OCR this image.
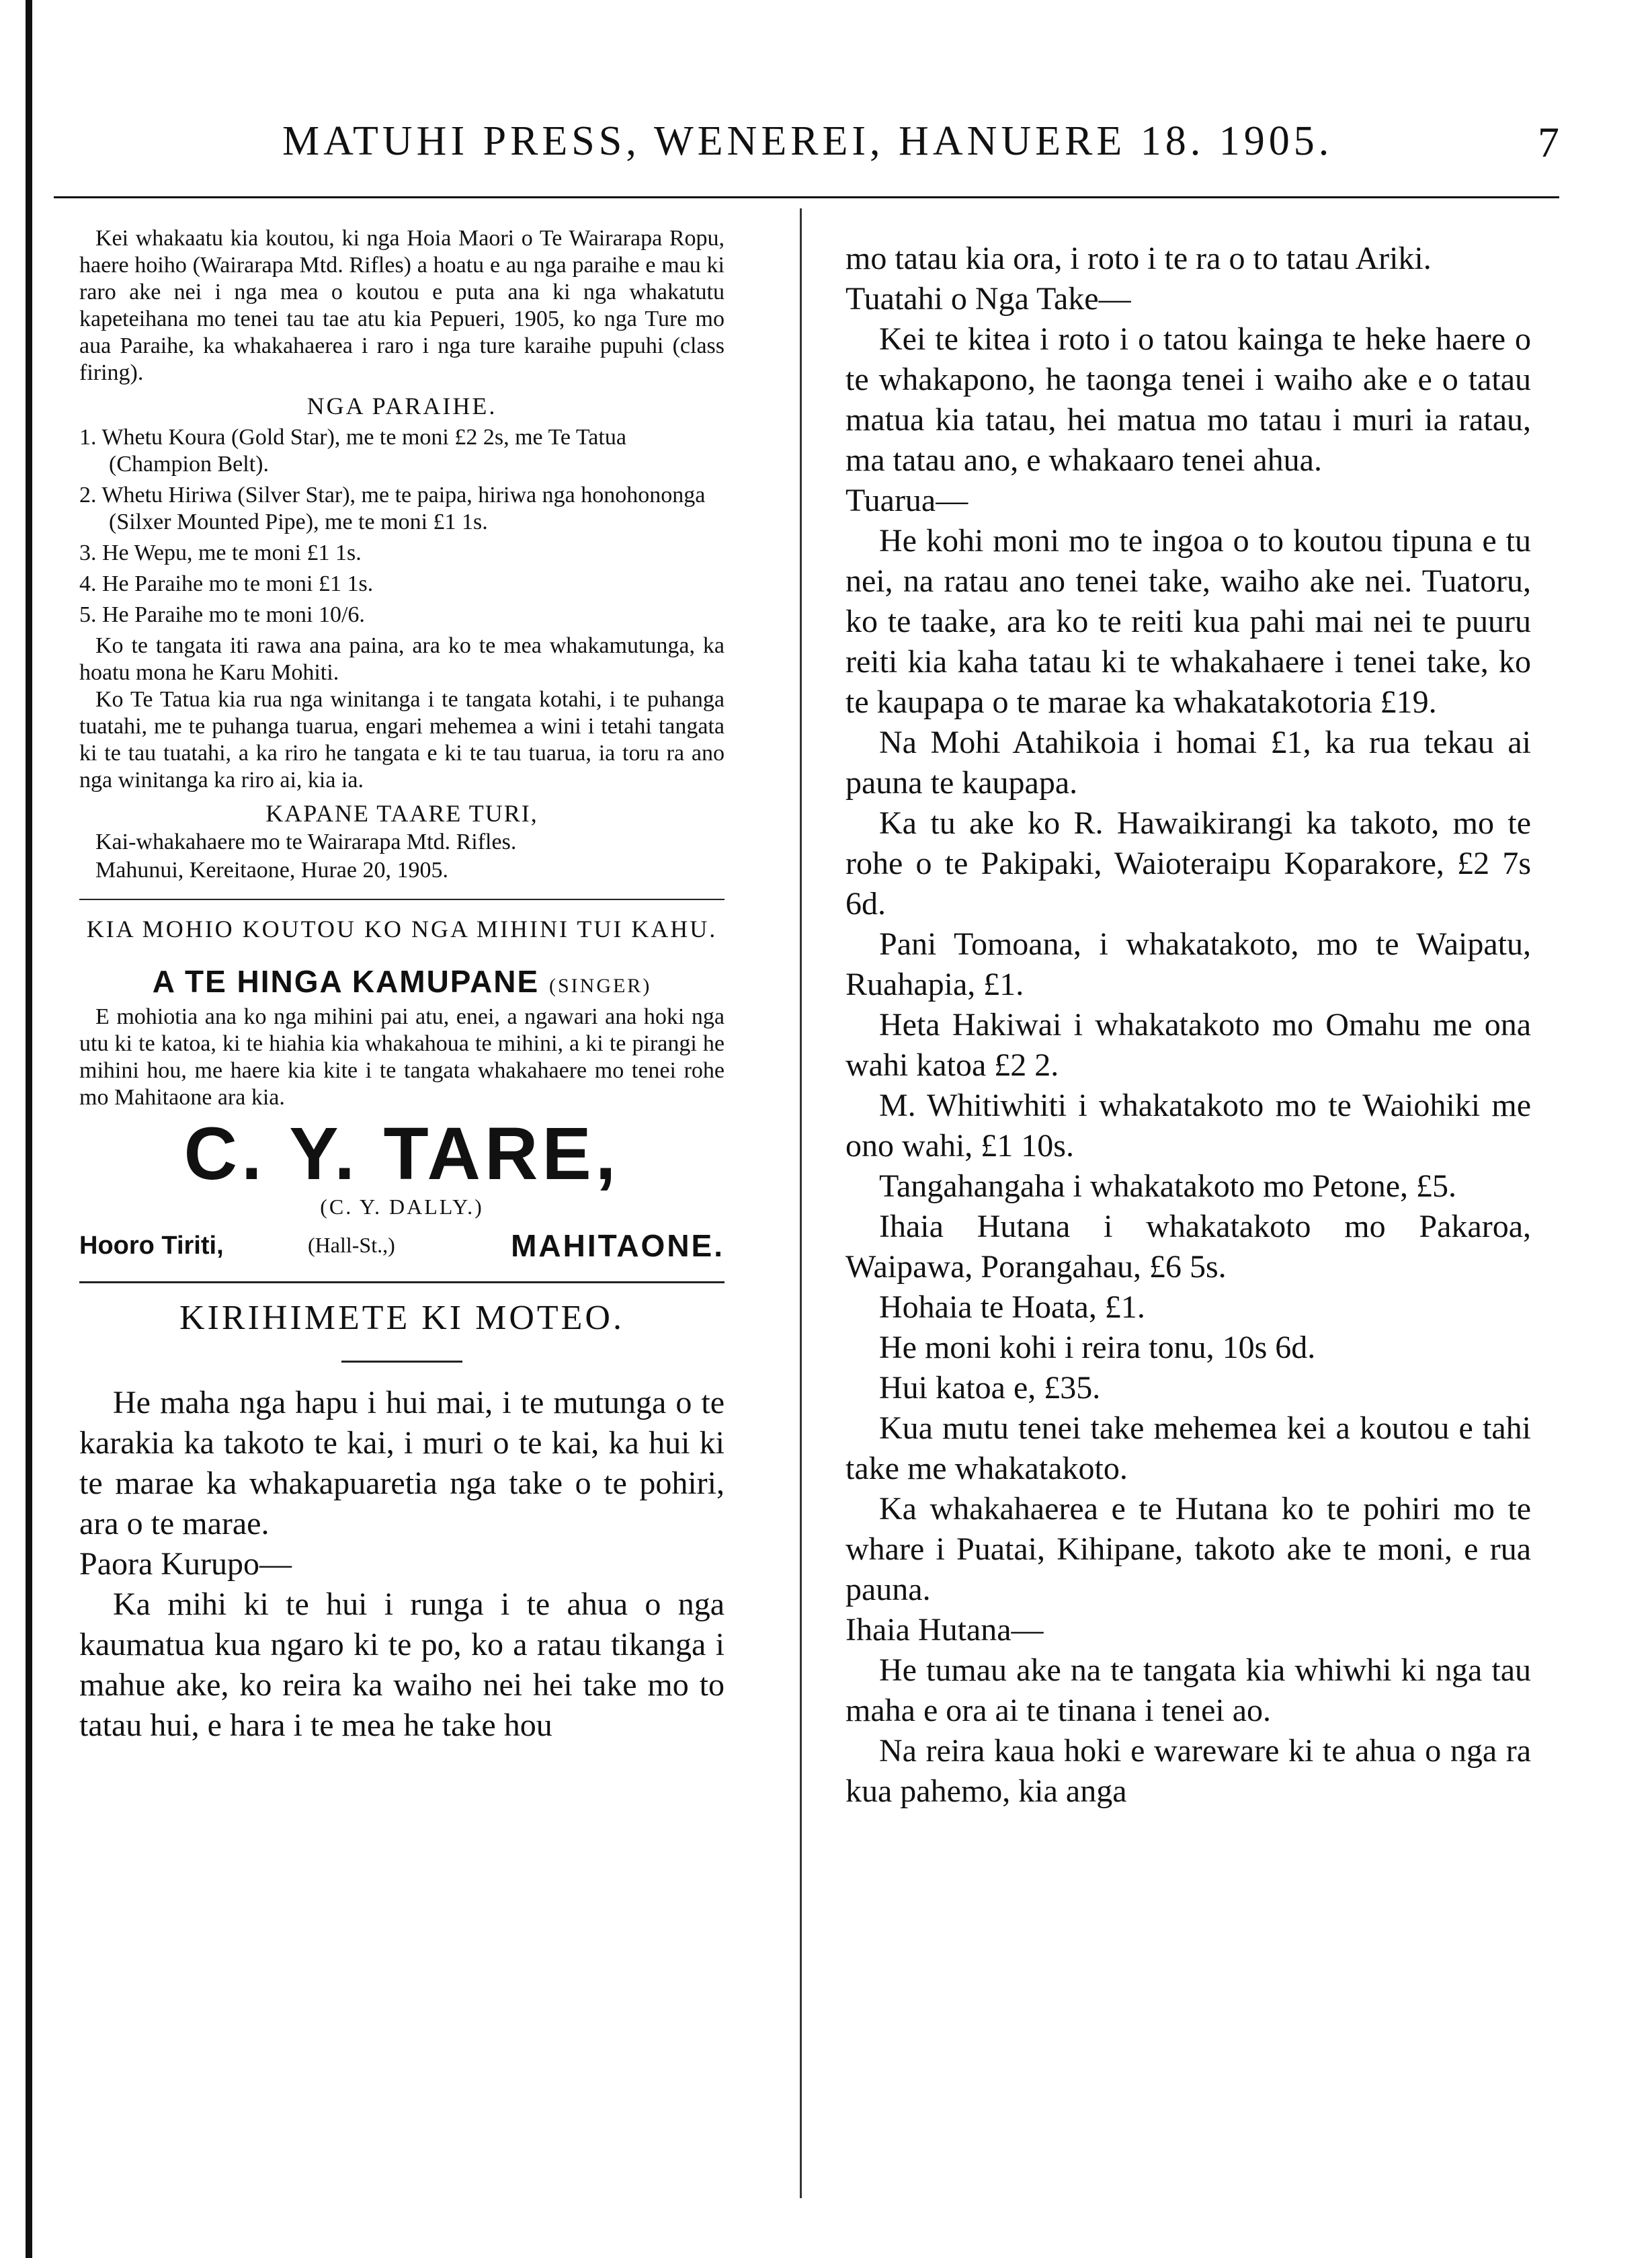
MATUHI PRESS, WENEREI, HANUERE 18. 1905.	7

Kei whakaatu kia koutou, ki nga Hoia Maori o Te Wairarapa Ropu, haere hoiho (Wairarapa Mtd. Rifles) a hoatu e au nga paraihe e mau ki raro ake nei i nga mea o koutou e puta ana ki nga whakatutu kapeteihana mo tenei tau tae atu kia Pepueri, 1905, ko nga Ture mo aua Paraihe, ka whakahaerea i raro i nga ture karaihe pupuhi (class firing).

NGA PARAIHE.

1. Whetu Koura (Gold Star), me te moni £2 2s, me Te Tatua (Champion Belt).

2. Whetu Hiriwa (Silver Star), me te paipa, hiriwa nga honohononga (Silxer Mounted Pipe), me te moni £1 1s.

3. He Wepu, me te moni £1 1s.

4. He Paraihe mo te moni £1 1s.

5. He Paraihe mo te moni 10/6.

Ko te tangata iti rawa ana paina, ara ko te mea whakamutunga, ka hoatu mona he Karu Mohiti.

Ko Te Tatua kia rua nga winitanga i te tangata kotahi, i te puhanga tuatahi, me te puhanga tuarua, engari mehemea a wini i tetahi tangata ki te tau tuatahi, a ka riro he tangata e ki te tau tuarua, ia toru ra ano nga winitanga ka riro ai, kia ia.

KAPANE TAARE TURI,

Kai-whakahaere mo te Wairarapa Mtd. Rifles.

Mahunui, Kereitaone, Hurae 20, 1905.

KIA MOHIO KOUTOU KO NGA MIHINI TUI KAHU.

A TE HINGA KAMUPANE (SINGER)

E mohiotia ana ko nga mihini pai atu, enei, a ngawari ana hoki nga utu ki te katoa, ki te hiahia kia whakahoua te mihini, a ki te pirangi he mihini hou, me haere kia kite i te tangata whakahaere mo tenei rohe mo Mahitaone ara kia.

C. Y. TARE,

(C. Y. DALLY.)

Hooro Tiriti,	(Hall-St.,)	MAHITAONE.
KIRIHIMETE KI MOTEO.

He maha nga hapu i hui mai, i te mutunga o te karakia ka takoto te kai, i muri o te kai, ka hui ki te marae ka whakapuaretia nga take o te pohiri, ara o te marae.

Paora Kurupo—

Ka mihi ki te hui i runga i te ahua o nga kaumatua kua ngaro ki te po, ko a ratau tikanga i mahue ake, ko reira ka waiho nei hei take mo to tatau hui, e hara i te mea he take hou

mo tatau kia ora, i roto i te ra o to tatau Ariki.

Tuatahi o Nga Take—

Kei te kitea i roto i o tatou kainga te heke haere o te whakapono, he taonga tenei i waiho ake e o tatau matua kia tatau, hei matua mo tatau i muri ia ratau, ma tatau ano, e whakaaro tenei ahua.

Tuarua—

He kohi moni mo te ingoa o to koutou tipuna e tu nei, na ratau ano tenei take, waiho ake nei. Tuatoru, ko te taake, ara ko te reiti kua pahi mai nei te puuru reiti kia kaha tatau ki te whakahaere i tenei take, ko te kaupapa o te marae ka whakatakotoria £19.

Na Mohi Atahikoia i homai £1, ka rua tekau ai pauna te kaupapa.

Ka tu ake ko R. Hawaikirangi ka takoto, mo te rohe o te Pakipaki, Waioteraipu Koparakore, £2 7s 6d.

Pani Tomoana, i whakatakoto, mo te Waipatu, Ruahapia, £1.

Heta Hakiwai i whakatakoto mo Omahu me ona wahi katoa £2 2.

M. Whitiwhiti i whakatakoto mo te Waiohiki me ono wahi, £1 10s.

Tangahangaha i whakatakoto mo Petone, £5.

Ihaia Hutana i whakatakoto mo Pakaroa, Waipawa, Porangahau, £6 5s.

Hohaia te Hoata, £1.

He moni kohi i reira tonu, 10s 6d.

Hui katoa e, £35.

Kua mutu tenei take mehemea kei a koutou e tahi take me whakatakoto.

Ka whakahaerea e te Hutana ko te pohiri mo te whare i Puatai, Kihipane, takoto ake te moni, e rua pauna.

Ihaia Hutana—

He tumau ake na te tangata kia whiwhi ki nga tau maha e ora ai te tinana i tenei ao.

Na reira kaua hoki e wareware ki te ahua o nga ra kua pahemo, kia anga
